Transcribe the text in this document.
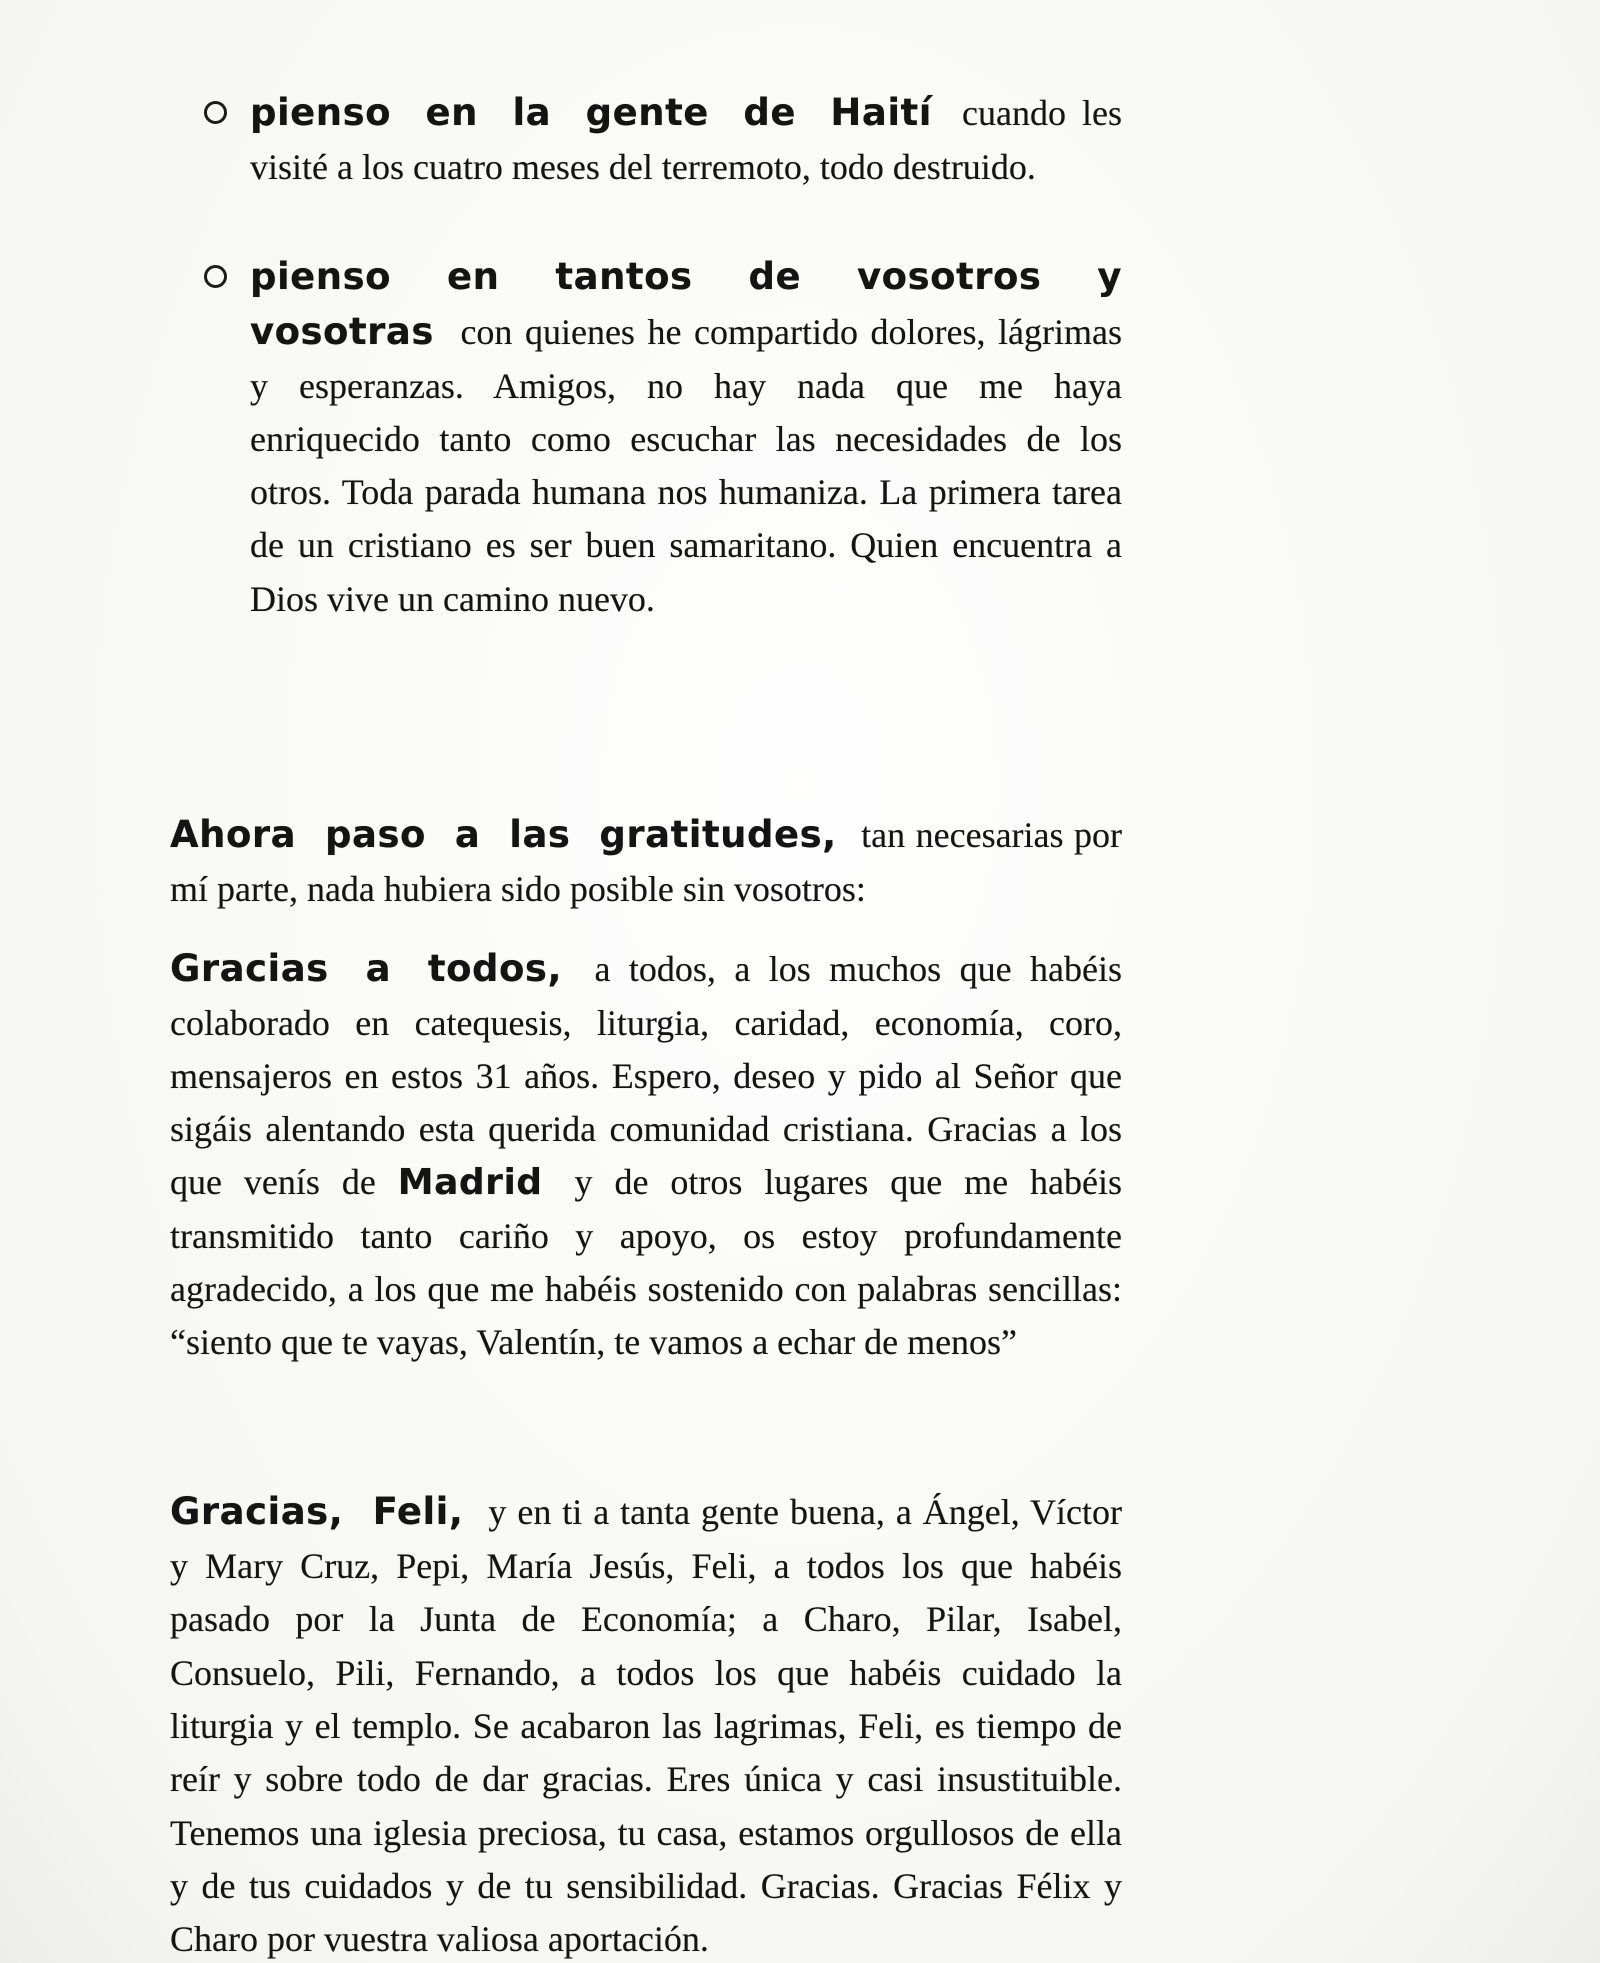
pienso en la gente de Haití cuando les visité a los cuatro meses del terremoto, todo destruido.
pienso en tantos de vosotros y vosotras con quienes he compartido dolores, lágrimas y esperanzas. Amigos, no hay nada que me haya enriquecido tanto como escuchar las necesidades de los otros. Toda parada humana nos humaniza. La primera tarea de un cristiano es ser buen samaritano. Quien encuentra a Dios vive un camino nuevo.

Ahora paso a las gratitudes, tan necesarias por mí parte, nada hubiera sido posible sin vosotros:

Gracias a todos, a todos, a los muchos que habéis colaborado en catequesis, liturgia, caridad, economía, coro, mensajeros en estos 31 años. Espero, deseo y pido al Señor que sigáis alentando esta querida comunidad cristiana. Gracias a los que venís de Madrid y de otros lugares que me habéis transmitido tanto cariño y apoyo, os estoy profundamente agradecido, a los que me habéis sostenido con palabras sencillas: “siento que te vayas, Valentín, te vamos a echar de menos”

Gracias, Feli, y en ti a tanta gente buena, a Ángel, Víctor y Mary Cruz, Pepi, María Jesús, Feli, a todos los que habéis pasado por la Junta de Economía; a Charo, Pilar, Isabel, Consuelo, Pili, Fernando, a todos los que habéis cuidado la liturgia y el templo. Se acabaron las lagrimas, Feli, es tiempo de reír y sobre todo de dar gracias. Eres única y casi insustituible. Tenemos una iglesia preciosa, tu casa, estamos orgullosos de ella y de tus cuidados y de tu sensibilidad. Gracias. Gracias Félix y Charo por vuestra valiosa aportación.
